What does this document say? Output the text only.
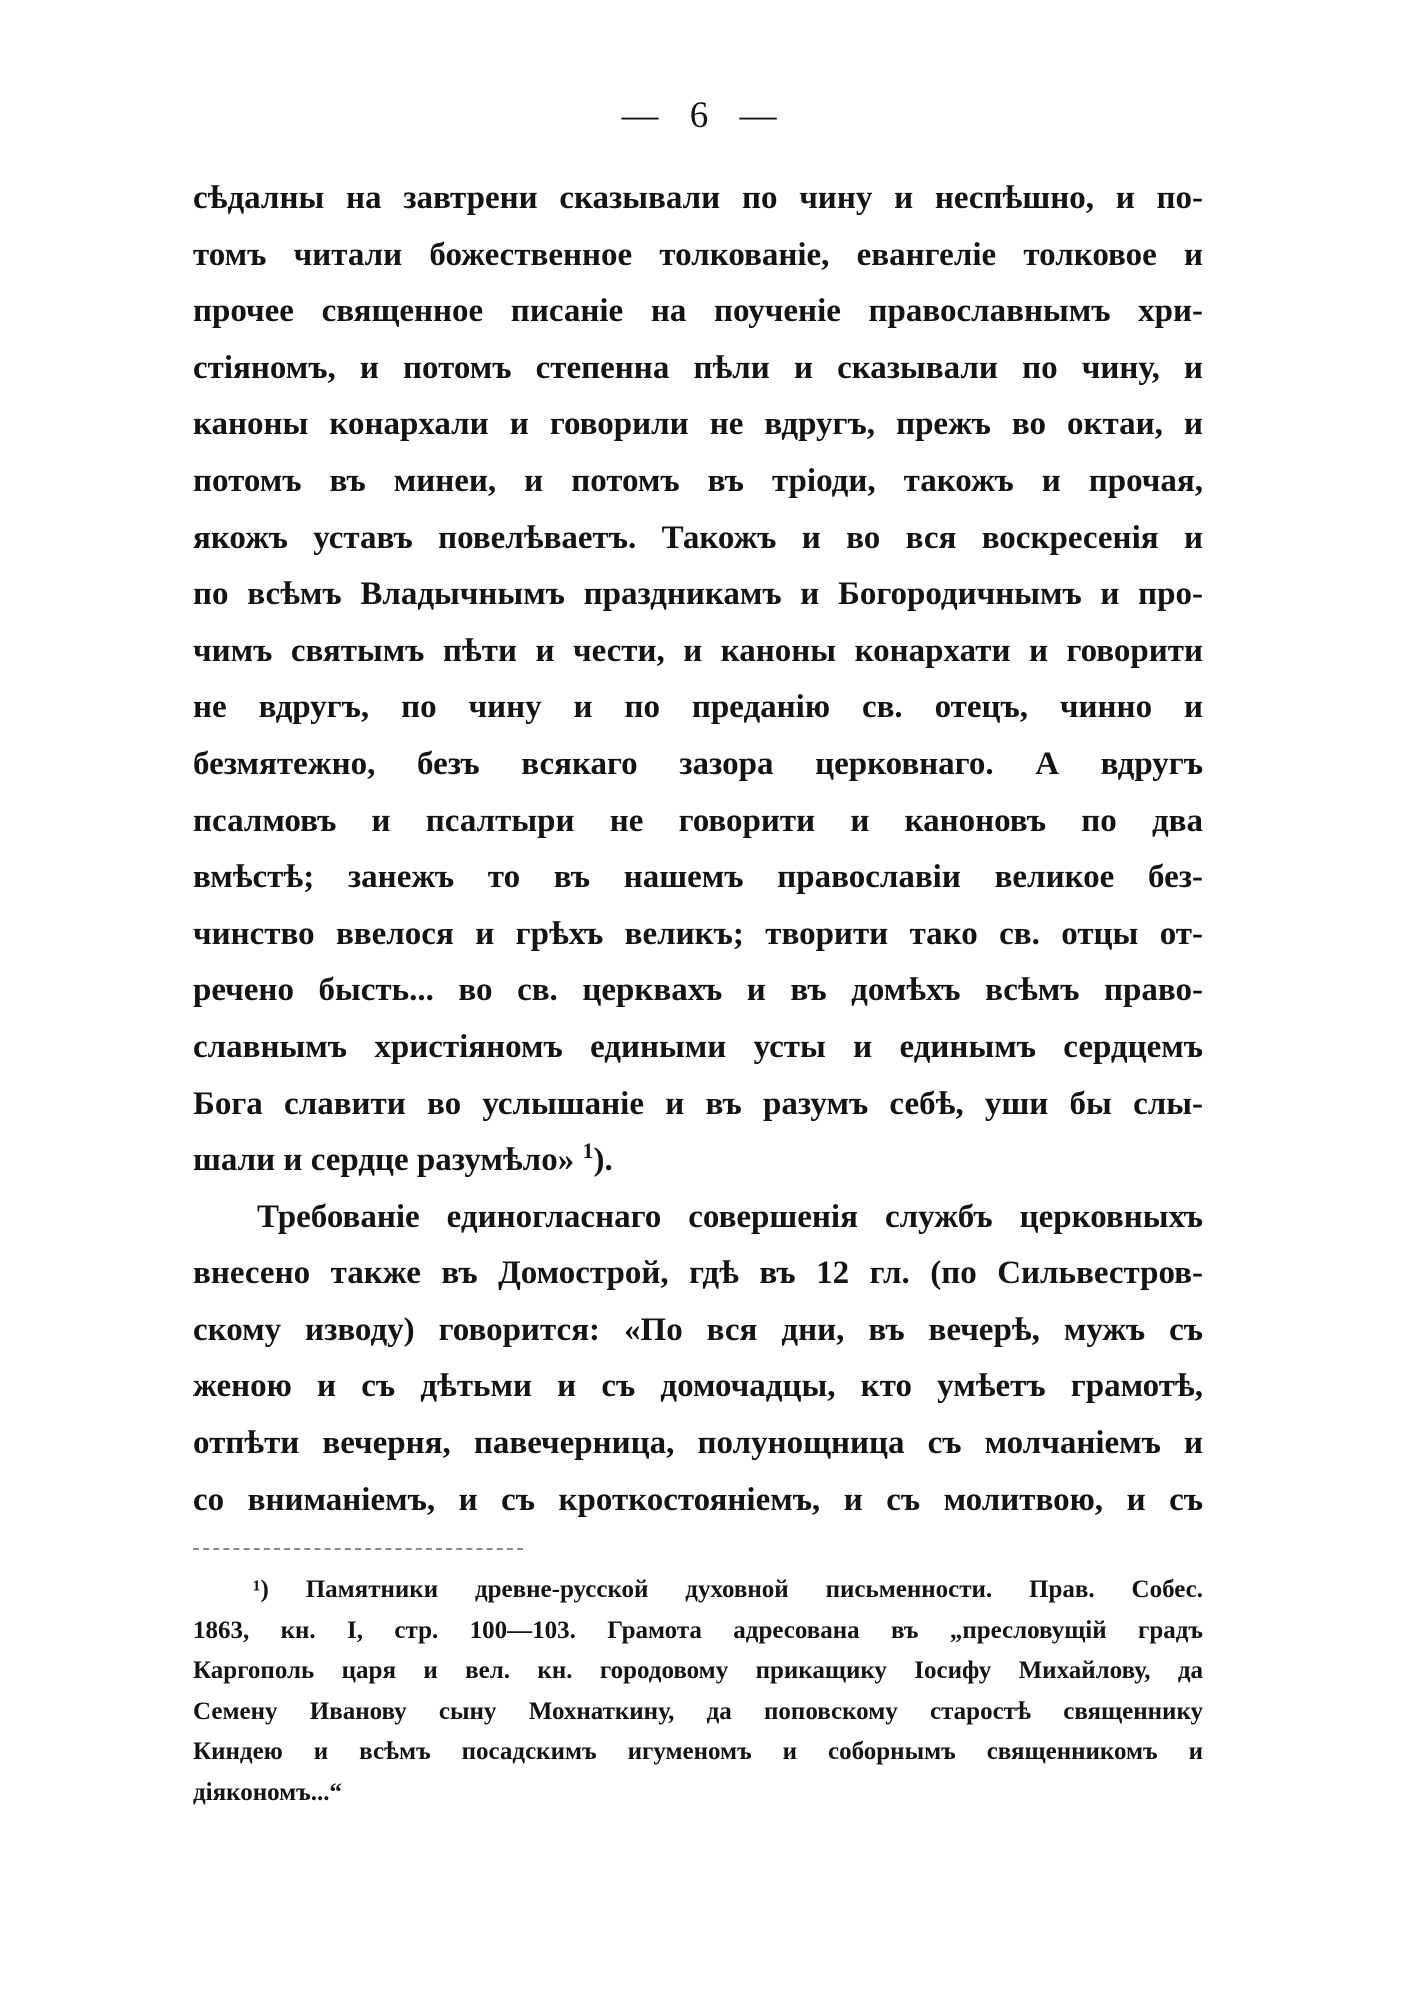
— 6 —
сѣдалны на завтрени сказывали по чину и неспѣшно, и по-
томъ читали божественное толкованіе, евангеліе толковое и
прочее священное писаніе на поученіе православнымъ хри-
стіяномъ, и потомъ степенна пѣли и сказывали по чину, и
каноны конархали и говорили не вдругъ, прежъ во октаи, и
потомъ въ минеи, и потомъ въ тріоди, такожъ и прочая,
якожъ уставъ повелѣваетъ. Такожъ и во вся воскресенія и
по всѣмъ Владычнымъ праздникамъ и Богородичнымъ и про-
чимъ святымъ пѣти и чести, и каноны конархати и говорити
не вдругъ, по чину и по преданію св. отецъ, чинно и
безмятежно, безъ всякаго зазора церковнаго. А вдругъ
псалмовъ и псалтыри не говорити и каноновъ по два
вмѣстѣ; занежъ то въ нашемъ православіи великое без-
чинство ввелося и грѣхъ великъ; творити тако св. отцы от-
речено бысть... во св. церквахъ и въ домѣхъ всѣмъ право-
славнымъ христіяномъ едиными усты и единымъ сердцемъ
Бога славити во услышаніе и въ разумъ себѣ, уши бы слы-
шали и сердце разумѣло» $^1$).
Требованіе единогласнаго совершенія службъ церковныхъ
внесено также въ Домострой, гдѣ въ 12 гл. (по Сильвестров-
скому изводу) говорится: «По вся дни, въ вечерѣ, мужъ съ
женою и съ дѣтьми и съ домочадцы, кто умѣетъ грамотѣ,
отпѣти вечерня, павечерница, полунощница съ молчаніемъ и
со вниманіемъ, и съ кроткостояніемъ, и съ молитвою, и съ
¹) Памятники древне-русской духовной письменности. Прав. Собес.
1863, кн. I, стр. 100—103. Грамота адресована въ „пресловущій градъ
Каргополь царя и вел. кн. городовому прикащику Іосифу Михайлову, да
Семену Иванову сыну Мохнаткину, да поповскому старостѣ священнику
Киндею и всѣмъ посадскимъ игуменомъ и соборнымъ священникомъ и
діякономъ...“
